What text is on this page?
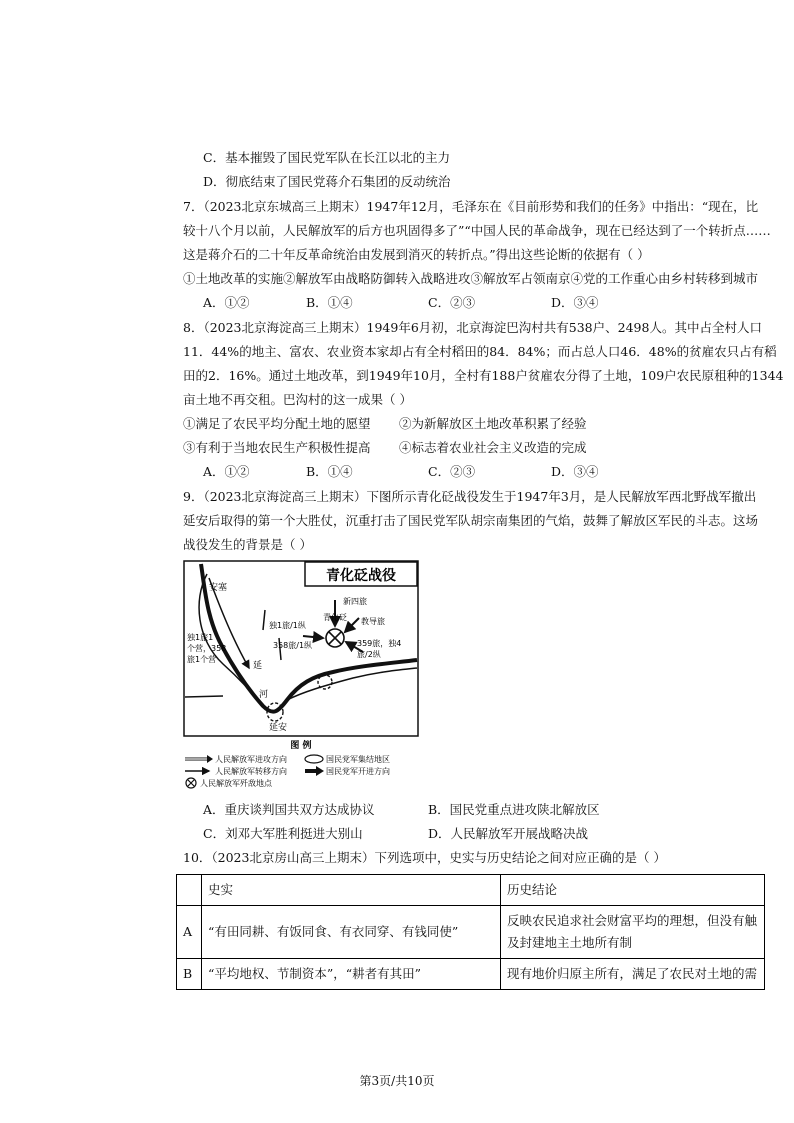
C．基本摧毁了国民党军队在长江以北的主力
D．彻底结束了国民党蒋介石集团的反动统治
7．（2023北京东城高三上期末）1947年12月，毛泽东在《目前形势和我们的任务》中指出：“现在，比
较十八个月以前，人民解放军的后方也巩固得多了”“中国人民的革命战争，现在已经达到了一个转折点……
这是蒋介石的二十年反革命统治由发展到消灭的转折点。”得出这些论断的依据有（ ）
①土地改革的实施②解放军由战略防御转入战略进攻③解放军占领南京④党的工作重心由乡村转移到城市
A．①②	B．①④	C．②③	D．③④
8．（2023北京海淀高三上期末）1949年6月初，北京海淀巴沟村共有538户、2498人。其中占全村人口
11．44%的地主、富农、农业资本家却占有全村稻田的84．84%；而占总人口46．48%的贫雇农只占有稻
田的2．16%。通过土地改革，到1949年10月，全村有188户贫雇农分得了土地，109户农民原租种的1344
亩土地不再交租。巴沟村的这一成果（ ）
①满足了农民平均分配土地的愿望 ②为新解放区土地改革积累了经验
③有利于当地农民生产积极性提高 ④标志着农业社会主义改造的完成
A．①②	B．①④	C．②③	D．③④
9．（2023北京海淀高三上期末）下图所示青化砭战役发生于1947年3月，是人民解放军西北野战军撤出
延安后取得的第一个大胜仗，沉重打击了国民党军队胡宗南集团的气焰，鼓舞了解放区军民的斗志。这场
战役发生的背景是（ ）
青化砭战役
安塞
青化砭
延
河
延安
独1旅1
个营，358
旅1个营
独1旅/1纵
358旅/1纵
新四旅
教导旅
359旅，独4
旅/2纵
图 例
人民解放军进攻方向
人民解放军转移方向
人民解放军歼敌地点
国民党军集结地区
国民党军开进方向
A．重庆谈判国共双方达成协议	B．国民党重点进攻陕北解放区
C．刘邓大军胜利挺进大别山	D．人民解放军开展战略决战
10．（2023北京房山高三上期末）下列选项中，史实与历史结论之间对应正确的是（ ）
	史实	历史结论
A	“有田同耕、有饭同食、有衣同穿、有钱同使”	反映农民追求社会财富平均的理想，但没有触及封建地主土地所有制
B	“平均地权、节制资本”，“耕者有其田”	现有地价归原主所有，满足了农民对土地的需
第3页/共10页
